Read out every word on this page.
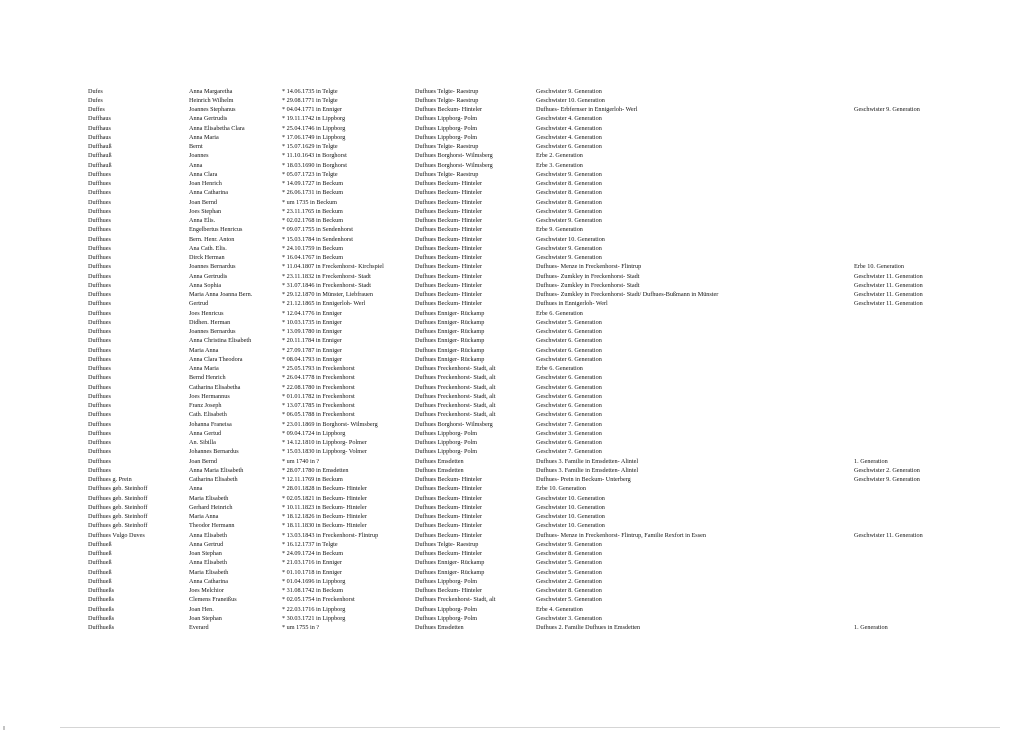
Dufes	Anna Margaretha	* 14.06.1735 in Telgte	Dufhues Telgte- Raestrup	Geschwister 9. Generation
Dufes	Heinrich Wilhelm	* 29.08.1771 in Telgte	Dufhues Telgte- Raestrup	Geschwister 10. Generation
Duffes	Joannes Stephanus	* 04.04.1771 in Enniger	Dufhues Beckum- Hinteler	Dufhues- Erbfernser in Ennigerloh- Werl	Geschwister 9. Generation
Duffhaus	Anna Gertrudis	* 19.11.1742 in Lippborg	Dufhues Lippborg- Polm	Geschwister 4. Generation
Duffhaus	Anna Elisabetha Clara	* 25.04.1746 in Lippborg	Dufhues Lippborg- Polm	Geschwister 4. Generation
Duffhaus	Anna Maria	* 17.06.1749 in Lippborg	Dufhues Lippborg- Polm	Geschwister 4. Generation
Duffhauß	Bernt	* 15.07.1629 in Telgte	Dufhues Telgte- Raestrup	Geschwister 6. Generation
Duffhauß	Joannes	* 11.10.1643 in Borghorst	Dufhues Borghorst- Wilmsberg	Erbe 2. Generation
Duffhauß	Anna	* 18.03.1690 in Borghorst	Dufhues Borghorst- Wilmsberg	Erbe 3. Generation
Duffhues	Anna Clara	* 05.07.1723 in Telgte	Dufhues Telgte- Raestrup	Geschwister 9. Generation
Duffhues	Joan Henrich	* 14.09.1727 in Beckum	Dufhues Beckum- Hinteler	Geschwister 8. Generation
Duffhues	Anna Catharina	* 26.06.1731 in Beckum	Dufhues Beckum- Hinteler	Geschwister 8. Generation
Duffhues	Joan Bernd	* um 1735 in Beckum	Dufhues Beckum- Hinteler	Geschwister 8. Generation
Duffhues	Joes Stephan	* 23.11.1765 in Beckum	Dufhues Beckum- Hinteler	Geschwister 9. Generation
Duffhues	Anna Elis.	* 02.02.1768 in Beckum	Dufhues Beckum- Hinteler	Geschwister 9. Generation
Duffhues	Engelbertus Henricus	* 09.07.1755 in Sendenhorst	Dufhues Beckum- Hinteler	Erbe 9. Generation
Duffhues	Bern. Henr. Anton	* 15.03.1784 in Sendenhorst	Dufhues Beckum- Hinteler	Geschwister 10. Generation
Duffhues	Ana Cath. Elis.	* 24.10.1759 in Beckum	Dufhues Beckum- Hinteler	Geschwister 9. Generation
Duffhues	Dirck Herman	* 16.04.1767 in Beckum	Dufhues Beckum- Hinteler	Geschwister 9. Generation
Duffhues	Joannes Bernardus	* 11.04.1807 in Freckenhorst- Kirchspiel	Dufhues Beckum- Hinteler	Dufhues- Menze in Freckenhorst- Flintrup	Erbe 10. Generation
Duffhues	Anna Gertrudis	* 23.11.1832 in Freckenhorst- Stadt	Dufhues Beckum- Hinteler	Dufhues- Zumkley in Freckenhorst- Stadt	Geschwister 11. Generation
Duffhues	Anna Sophia	* 31.07.1846 in Freckenhorst- Stadt	Dufhues Beckum- Hinteler	Dufhues- Zumkley in Freckenhorst- Stadt	Geschwister 11. Generation
Duffhues	Maria Anna Joanna Bern.	* 29.12.1870 in Münster, Liebfrauen	Dufhues Beckum- Hinteler	Dufhues- Zumkley in Freckenhorst- Stadt/ Dufhues-Bußmann in Münster	Geschwister 11. Generation
Duffhues	Gertrud	* 21.12.1865 in Ennigerloh- Werl	Dufhues Beckum- Hinteler	Dufhues in Ennigerloh- Werl	Geschwister 11. Generation
Duffhues	Joes Henricus	* 12.04.1776 in Enniger	Dufhues Enniger- Rückamp	Erbe 6. Generation
Duffhues	Didhen. Herman	* 10.03.1735 in Enniger	Dufhues Enniger- Rückamp	Geschwister 5. Generation
Duffhues	Joannes Bernardus	* 13.09.1780 in Enniger	Dufhues Enniger- Rückamp	Geschwister 6. Generation
Duffhues	Anna Christina Elisabeth	* 20.11.1784 in Enniger	Dufhues Enniger- Rückamp	Geschwister 6. Generation
Duffhues	Maria Anna	* 27.09.1787 in Enniger	Dufhues Enniger- Rückamp	Geschwister 6. Generation
Duffhues	Anna Clara Theodora	* 08.04.1793 in Enniger	Dufhues Enniger- Rückamp	Geschwister 6. Generation
Duffhues	Anna Maria	* 25.05.1793 in Freckenhorst	Dufhues Freckenhorst- Stadt, alt	Erbe 6. Generation
Duffhues	Bernd Henrich	* 26.04.1778 in Freckenhorst	Dufhues Freckenhorst- Stadt, alt	Geschwister 6. Generation
Duffhues	Catharina Elisabetha	* 22.08.1780 in Freckenhorst	Dufhues Freckenhorst- Stadt, alt	Geschwister 6. Generation
Duffhues	Joes Hermannus	* 01.01.1782 in Freckenhorst	Dufhues Freckenhorst- Stadt, alt	Geschwister 6. Generation
Duffhues	Franz Joseph	* 13.07.1785 in Freckenhorst	Dufhues Freckenhorst- Stadt, alt	Geschwister 6. Generation
Duffhues	Cath. Elisabeth	* 06.05.1788 in Freckenhorst	Dufhues Freckenhorst- Stadt, alt	Geschwister 6. Generation
Duffhues	Johanna Franeisa	* 23.01.1869 in Borghorst- Wilmsberg	Dufhues Borghorst- Wilmsberg	Geschwister 7. Generation
Duffhues	Anna Gertud	* 09.04.1724 in Lippborg	Dufhues Lippborg- Polm	Geschwister 3. Generation
Duffhues	An. Sibilla	* 14.12.1810 in Lippborg- Polmer	Dufhues Lippborg- Polm	Geschwister 6. Generation
Duffhues	Johannes Bernardus	* 15.03.1830 in Lippborg- Volmer	Dufhues Lippborg- Polm	Geschwister 7. Generation
Duffhues	Joan Bernd	* um 1740 in ?	Dufhues Emsdetten	Dufhues 3. Familie in Emsdetten- Alintel	1. Generation
Duffhues	Anna Maria Elisabeth	* 28.07.1780 in Emsdetten	Dufhues Emsdetten	Dufhues 3. Familie in Emsdetten- Alintel	Geschwister 2. Generation
Duffhues g. Prein	Catharina Elisabeth	* 12.11.1769 in Beckum	Dufhues Beckum- Hinteler	Dufhues- Prein in Beckum- Unterberg	Geschwister 9. Generation
Duffhues geb. Steinhoff	Anna	* 28.01.1828 in Beckum- Hinteler	Dufhues Beckum- Hinteler	Erbe 10. Generation
Duffhues geb. Steinhoff	Maria Elisabeth	* 02.05.1821 in Beckum- Hinteler	Dufhues Beckum- Hinteler	Geschwister 10. Generation
Duffhues geb. Steinhoff	Gerhard Heinrich	* 10.11.1823 in Beckum- Hinteler	Dufhues Beckum- Hinteler	Geschwister 10. Generation
Duffhues geb. Steinhoff	Maria Anna	* 18.12.1826 in Beckum- Hinteler	Dufhues Beckum- Hinteler	Geschwister 10. Generation
Duffhues geb. Steinhoff	Theodor Hermann	* 18.11.1830 in Beckum- Hinteler	Dufhues Beckum- Hinteler	Geschwister 10. Generation
Duffhues Vulgo Duves	Anna Elisabeth	* 13.03.1843 in Freckenhorst- Flintrup	Dufhues Beckum- Hinteler	Dufhues- Menze in Freckenhorst- Flintrup, Familie Rexfort in Essen	Geschwister 11. Generation
Duffhueß	Anna Gertrud	* 16.12.1737 in Telgte	Dufhues Telgte- Raestrup	Geschwister 9. Generation
Duffhueß	Joan Stephan	* 24.09.1724 in Beckum	Dufhues Beckum- Hinteler	Geschwister 8. Generation
Duffhueß	Anna Elisabeth	* 21.03.1716 in Enniger	Dufhues Enniger- Rückamp	Geschwister 5. Generation
Duffhueß	Maria Elisabeth	* 01.10.1718 in Enniger	Dufhues Enniger- Rückamp	Geschwister 5. Generation
Duffhueß	Anna Catharina	* 01.04.1696 in Lippborg	Dufhues Lippborg- Polm	Geschwister 2. Generation
Duffhueßs	Joes Melchior	* 31.08.1742 in Beckum	Dufhues Beckum- Hinteler	Geschwister 8. Generation
Duffhueßs	Clemens Franeißus	* 02.05.1754 in Freckenhorst	Dufhues Freckenhorst- Stadt, alt	Geschwister 5. Generation
Duffhueßs	Joan Hen.	* 22.03.1716 in Lippborg	Dufhues Lippborg- Polm	Erbe 4. Generation
Duffhueßs	Joan Stephan	* 30.03.1721 in Lippborg	Dufhues Lippborg- Polm	Geschwister 3. Generation
Duffhueßs	Everard	* um 1755 in ?	Dufhues Emsdetten	Dufhues 2. Familie Dufhues in Emsdetten	1. Generation
